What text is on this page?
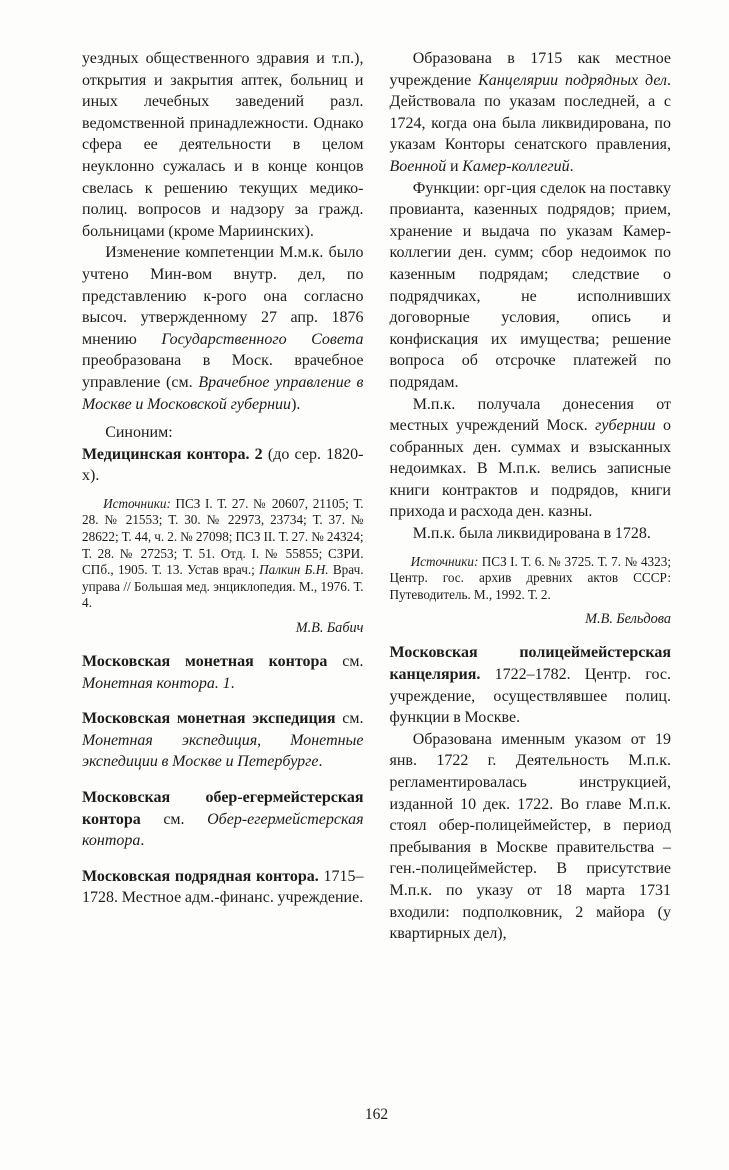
уездных общественного здравия и т.п.), открытия и закрытия аптек, больниц и иных лечебных заведений разл. ведомственной принадлежности. Однако сфера ее деятельности в целом неуклонно сужалась и в конце концов свелась к решению текущих медико-полиц. вопросов и надзору за гражд. больницами (кроме Мариинских).

Изменение компетенции М.м.к. было учтено Мин-вом внутр. дел, по представлению к-рого она согласно высоч. утвержденному 27 апр. 1876 мнению Государственного Совета преобразована в Моск. врачебное управление (см. Врачебное управление в Москве и Московской губернии).

Синоним:

Медицинская контора. 2 (до сер. 1820-х).

Источники: ПСЗ I. Т. 27. № 20607, 21105; Т. 28. № 21553; Т. 30. № 22973, 23734; Т. 37. № 28622; Т. 44, ч. 2. № 27098; ПСЗ II. Т. 27. № 24324; Т. 28. № 27253; Т. 51. Отд. I. № 55855; СЗРИ. СПб., 1905. Т. 13. Устав врач.; Палкин Б.Н. Врач. управа // Большая мед. энциклопедия. М., 1976. Т. 4.

М.В. Бабич

Московская монетная контора см. Монетная контора. 1.

Московская монетная экспедиция см. Монетная экспедиция, Монетные экспедиции в Москве и Петербурге.

Московская обер-егермейстерская контора см. Обер-егермейстерская контора.

Московская подрядная контора. 1715–1728. Местное адм.-финанс. учреждение.

Образована в 1715 как местное учреждение Канцелярии подрядных дел. Действовала по указам последней, а с 1724, когда она была ликвидирована, по указам Конторы сенатского правления, Военной и Камер-коллегий.

Функции: орг-ция сделок на поставку провианта, казенных подрядов; прием, хранение и выдача по указам Камер-коллегии ден. сумм; сбор недоимок по казенным подрядам; следствие о подрядчиках, не исполнивших договорные условия, опись и конфискация их имущества; решение вопроса об отсрочке платежей по подрядам.

М.п.к. получала донесения от местных учреждений Моск. губернии о собранных ден. суммах и взысканных недоимках. В М.п.к. велись записные книги контрактов и подрядов, книги прихода и расхода ден. казны.

М.п.к. была ликвидирована в 1728.

Источники: ПСЗ I. Т. 6. № 3725. Т. 7. № 4323; Центр. гос. архив древних актов СССР: Путеводитель. М., 1992. Т. 2.

М.В. Бельдова

Московская полицеймейстерская канцелярия. 1722–1782. Центр. гос. учреждение, осуществлявшее полиц. функции в Москве.

Образована именным указом от 19 янв. 1722 г. Деятельность М.п.к. регламентировалась инструкцией, изданной 10 дек. 1722. Во главе М.п.к. стоял обер-полицеймейстер, в период пребывания в Москве правительства – ген.-полицеймейстер. В присутствие М.п.к. по указу от 18 марта 1731 входили: подполковник, 2 майора (у квартирных дел),

162
